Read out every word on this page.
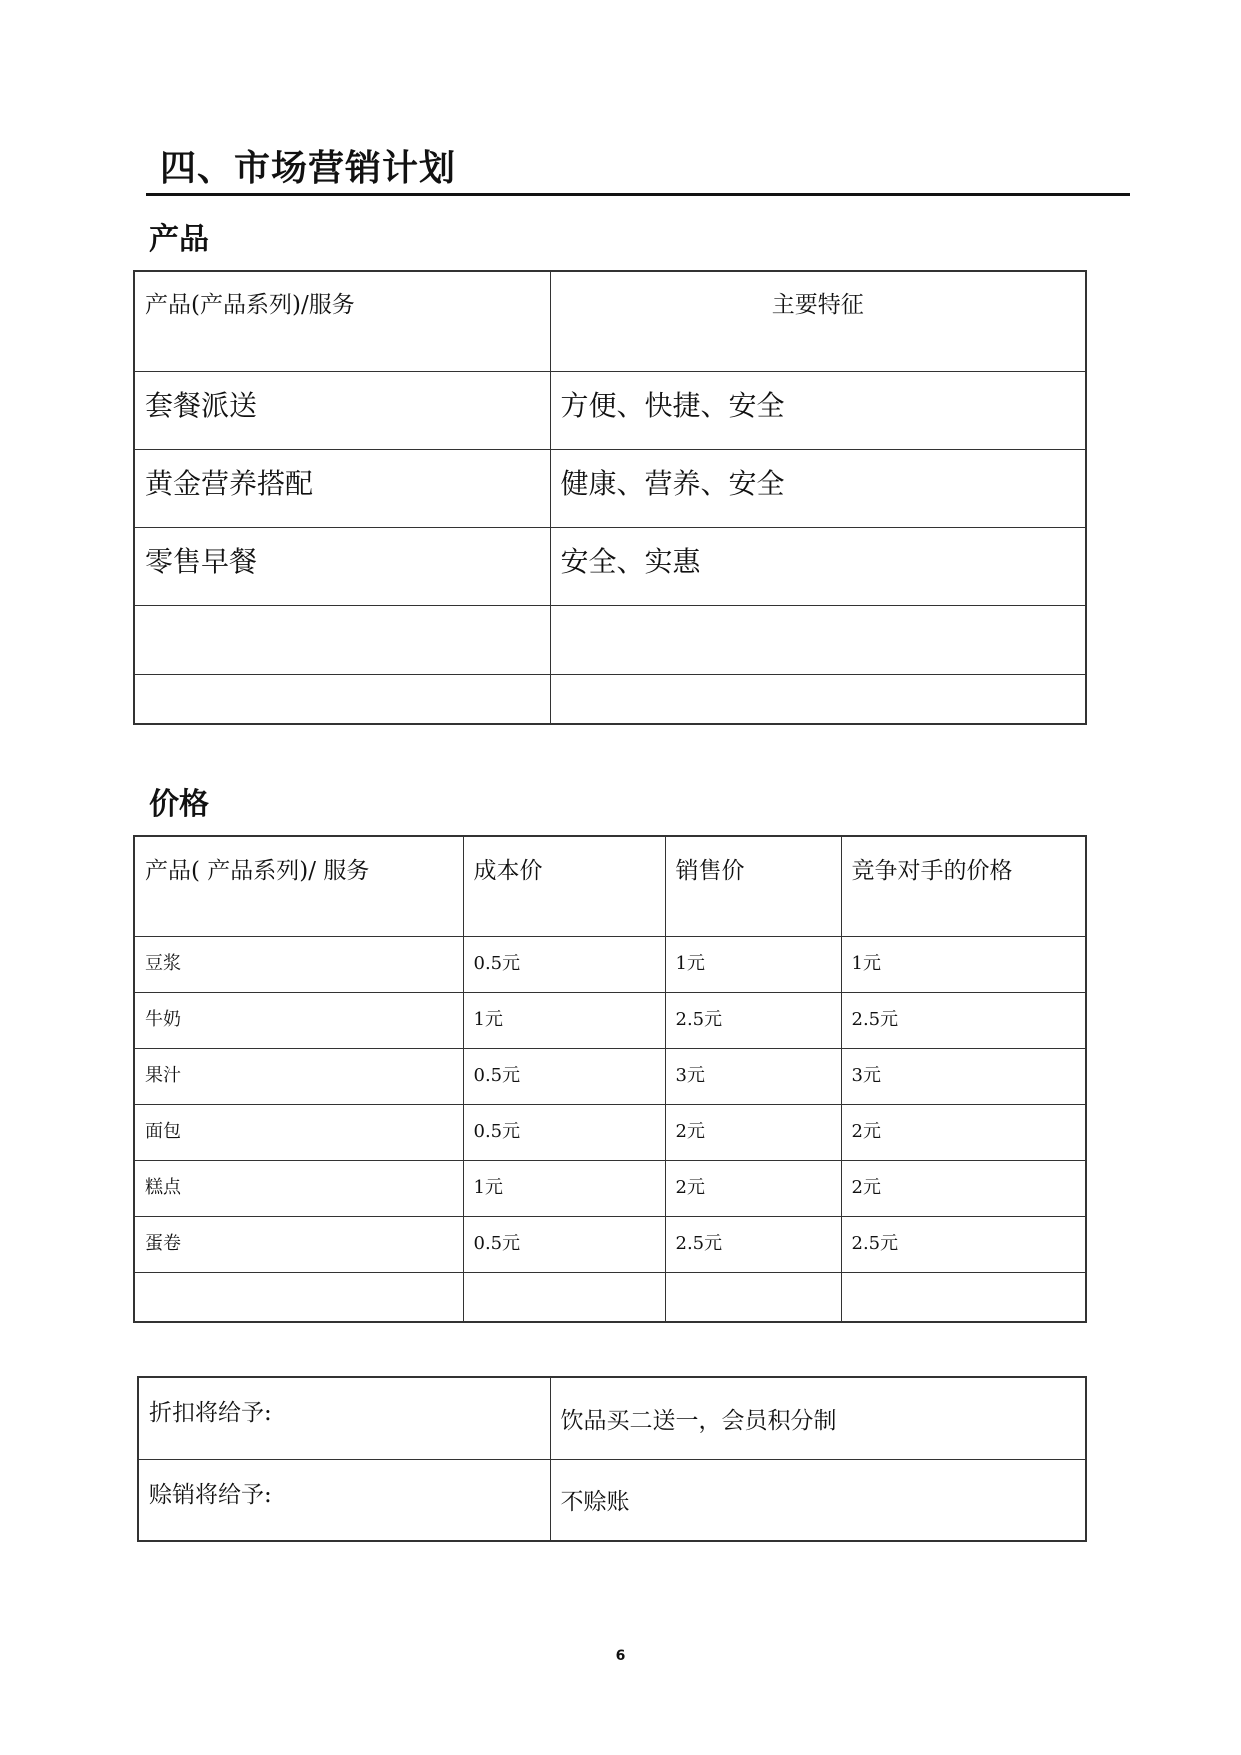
四、市场营销计划
产品
产品(产品系列)/服务	主要特征
套餐派送	方便、快捷、安全
黄金营养搭配	健康、营养、安全
零售早餐	安全、实惠

价格
产品( 产品系列)/ 服务	成本价	销售价	竞争对手的价格
豆浆	0.5元	1元	1元
牛奶	1元	2.5元	2.5元
果汁	0.5元	3元	3元
面包	0.5元	2元	2元
糕点	1元	2元	2元
蛋卷	0.5元	2.5元	2.5元

折扣将给予:	饮品买二送一，会员积分制
赊销将给予:	不赊账
6
